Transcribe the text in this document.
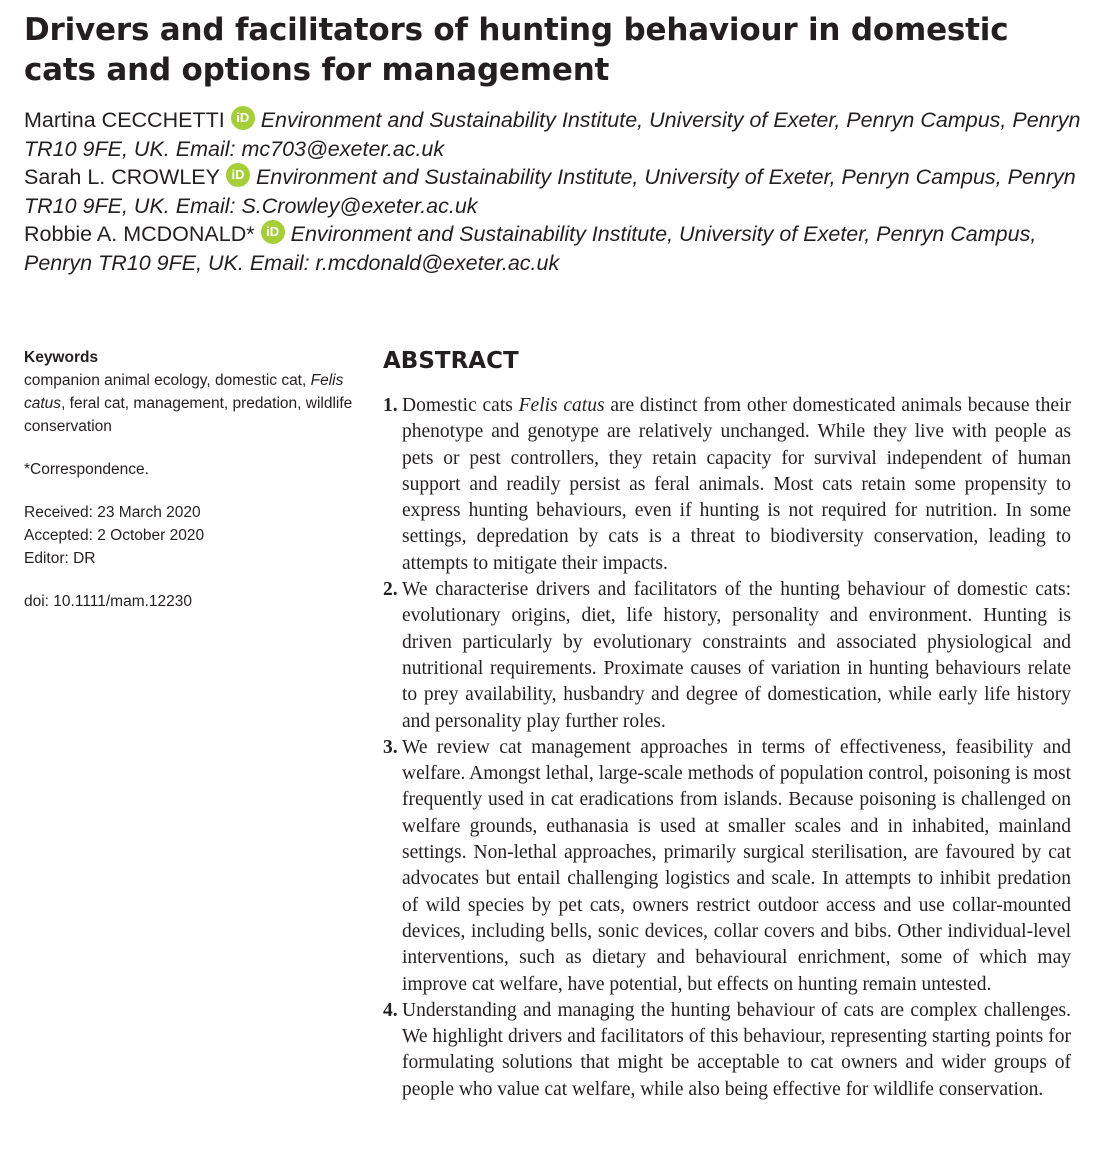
Drivers and facilitators of hunting behaviour in domestic cats and options for management

Martina CECCHETTI iD Environment and Sustainability Institute, University of Exeter, Penryn Campus, Penryn TR10 9FE, UK. Email: mc703@exeter.ac.uk

Sarah L. CROWLEY iD Environment and Sustainability Institute, University of Exeter, Penryn Campus, Penryn TR10 9FE, UK. Email: S.Crowley@exeter.ac.uk

Robbie A. MCDONALD* iD Environment and Sustainability Institute, University of Exeter, Penryn Campus, Penryn TR10 9FE, UK. Email: r.mcdonald@exeter.ac.uk

Keywords

companion animal ecology, domestic cat, Felis catus, feral cat, management, predation, wildlife conservation

*Correspondence.

Received: 23 March 2020

Accepted: 2 October 2020

Editor: DR

doi: 10.1111/mam.12230

ABSTRACT
1. Domestic cats Felis catus are distinct from other domesticated animals because their phenotype and genotype are relatively unchanged. While they live with people as pets or pest controllers, they retain capacity for survival independent of human support and readily persist as feral animals. Most cats retain some propensity to express hunting behaviours, even if hunting is not required for nutrition. In some settings, depredation by cats is a threat to biodiversity conservation, leading to attempts to mitigate their impacts.
2. We characterise drivers and facilitators of the hunting behaviour of domestic cats: evolutionary origins, diet, life history, personality and environment. Hunting is driven particularly by evolutionary constraints and associated physiological and nutritional requirements. Proximate causes of variation in hunting behaviours relate to prey availability, husbandry and degree of domestication, while early life history and personality play further roles.
3. We review cat management approaches in terms of effectiveness, feasibility and welfare. Amongst lethal, large-scale methods of population control, poisoning is most frequently used in cat eradications from islands. Because poisoning is challenged on welfare grounds, euthanasia is used at smaller scales and in inhabited, mainland settings. Non-lethal approaches, primarily surgical sterilisation, are favoured by cat advocates but entail challenging logistics and scale. In attempts to inhibit predation of wild species by pet cats, owners restrict outdoor access and use collar-mounted devices, including bells, sonic devices, collar covers and bibs. Other individual-level interventions, such as dietary and behavioural enrichment, some of which may improve cat welfare, have potential, but effects on hunting remain untested.
4. Understanding and managing the hunting behaviour of cats are complex challenges. We highlight drivers and facilitators of this behaviour, representing starting points for formulating solutions that might be acceptable to cat owners and wider groups of people who value cat welfare, while also being effective for wildlife conservation.
